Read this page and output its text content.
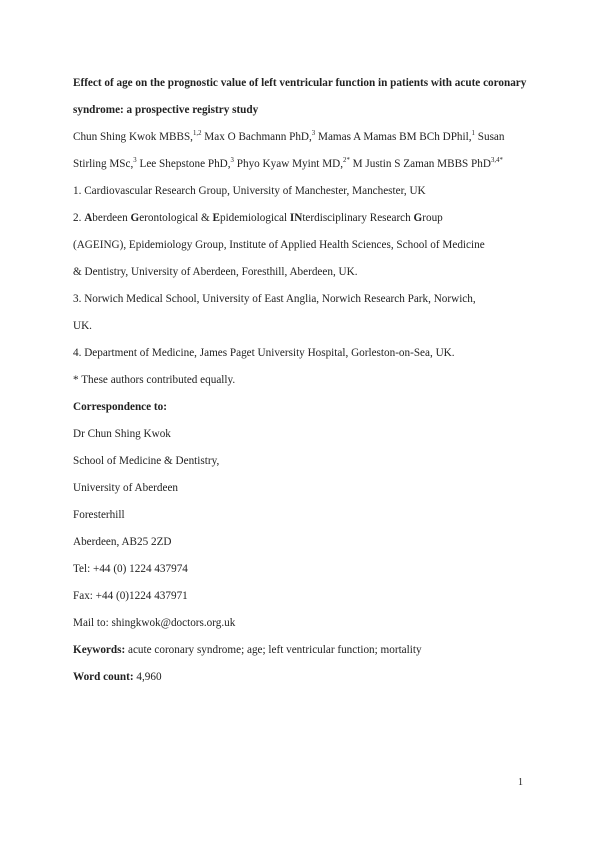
Effect of age on the prognostic value of left ventricular function in patients with acute coronary syndrome: a prospective registry study
Chun Shing Kwok MBBS,$^{1,2}$ Max O Bachmann PhD,$^3$ Mamas A Mamas BM BCh DPhil,$^1$ Susan Stirling MSc,$^3$ Lee Shepstone PhD,$^3$ Phyo Kyaw Myint MD,$^{2*}$ M Justin S Zaman MBBS PhD$^{3,4*}$
1. Cardiovascular Research Group, University of Manchester, Manchester, UK
2. Aberdeen Gerontological & Epidemiological INterdisciplinary Research Group
(AGEING), Epidemiology Group, Institute of Applied Health Sciences, School of Medicine
& Dentistry, University of Aberdeen, Foresthill, Aberdeen, UK.
3. Norwich Medical School, University of East Anglia, Norwich Research Park, Norwich,
UK.
4. Department of Medicine, James Paget University Hospital, Gorleston-on-Sea, UK.
* These authors contributed equally.
Correspondence to:
Dr Chun Shing Kwok
School of Medicine & Dentistry,
University of Aberdeen
Foresterhill
Aberdeen, AB25 2ZD
Tel: +44 (0) 1224 437974
Fax: +44 (0)1224 437971
Mail to: shingkwok@doctors.org.uk
Keywords: acute coronary syndrome; age; left ventricular function; mortality
Word count: 4,960
1
